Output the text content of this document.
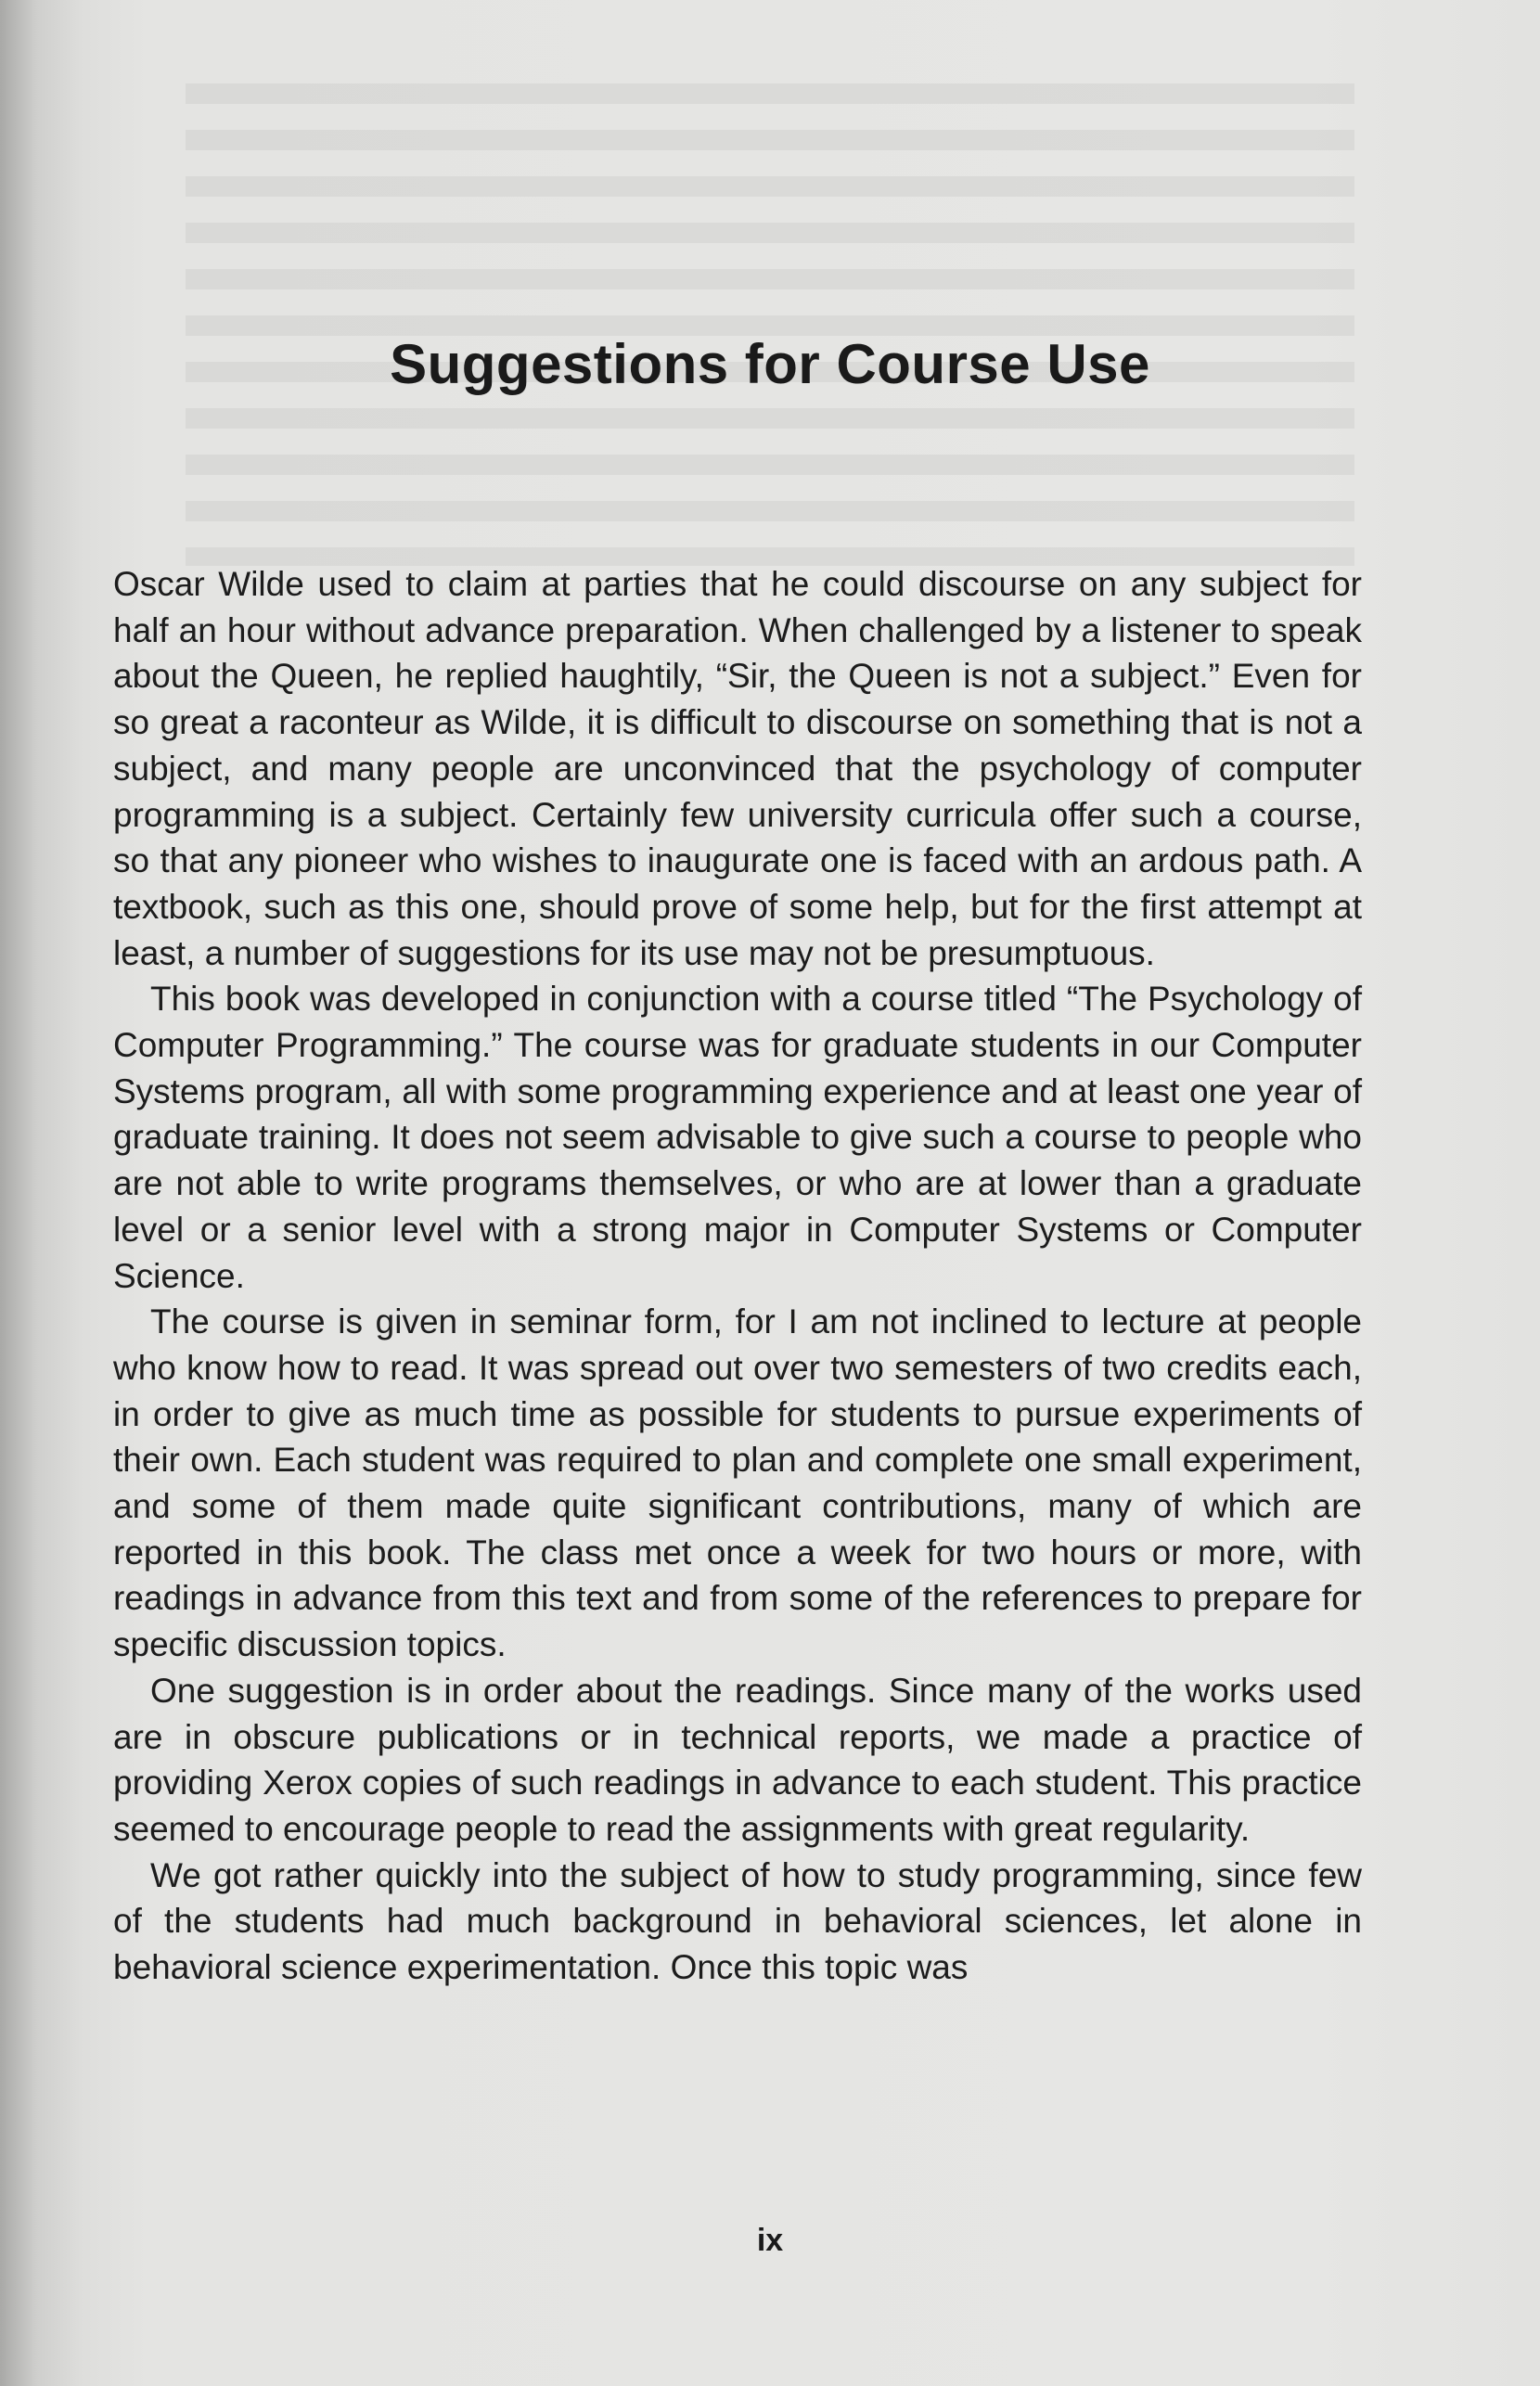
Suggestions for Course Use

Oscar Wilde used to claim at parties that he could discourse on any subject for half an hour without advance preparation. When challenged by a listener to speak about the Queen, he replied haughtily, “Sir, the Queen is not a subject.” Even for so great a raconteur as Wilde, it is difficult to discourse on something that is not a subject, and many people are unconvinced that the psychology of computer programming is a subject. Certainly few university curricula offer such a course, so that any pioneer who wishes to inaugurate one is faced with an ardous path. A textbook, such as this one, should prove of some help, but for the first attempt at least, a number of suggestions for its use may not be presumptuous.

This book was developed in conjunction with a course titled “The Psychology of Computer Programming.” The course was for graduate students in our Computer Systems program, all with some programming experience and at least one year of graduate training. It does not seem advisable to give such a course to people who are not able to write programs themselves, or who are at lower than a graduate level or a senior level with a strong major in Computer Systems or Computer Science.

The course is given in seminar form, for I am not inclined to lecture at people who know how to read. It was spread out over two semesters of two credits each, in order to give as much time as possible for students to pursue experiments of their own. Each student was required to plan and complete one small experiment, and some of them made quite significant contributions, many of which are reported in this book. The class met once a week for two hours or more, with readings in advance from this text and from some of the references to prepare for specific discussion topics.

One suggestion is in order about the readings. Since many of the works used are in obscure publications or in technical reports, we made a practice of providing Xerox copies of such readings in advance to each student. This practice seemed to encourage people to read the assignments with great regularity.

We got rather quickly into the subject of how to study programming, since few of the students had much background in behavioral sciences, let alone in behavioral science experimentation. Once this topic was

ix
